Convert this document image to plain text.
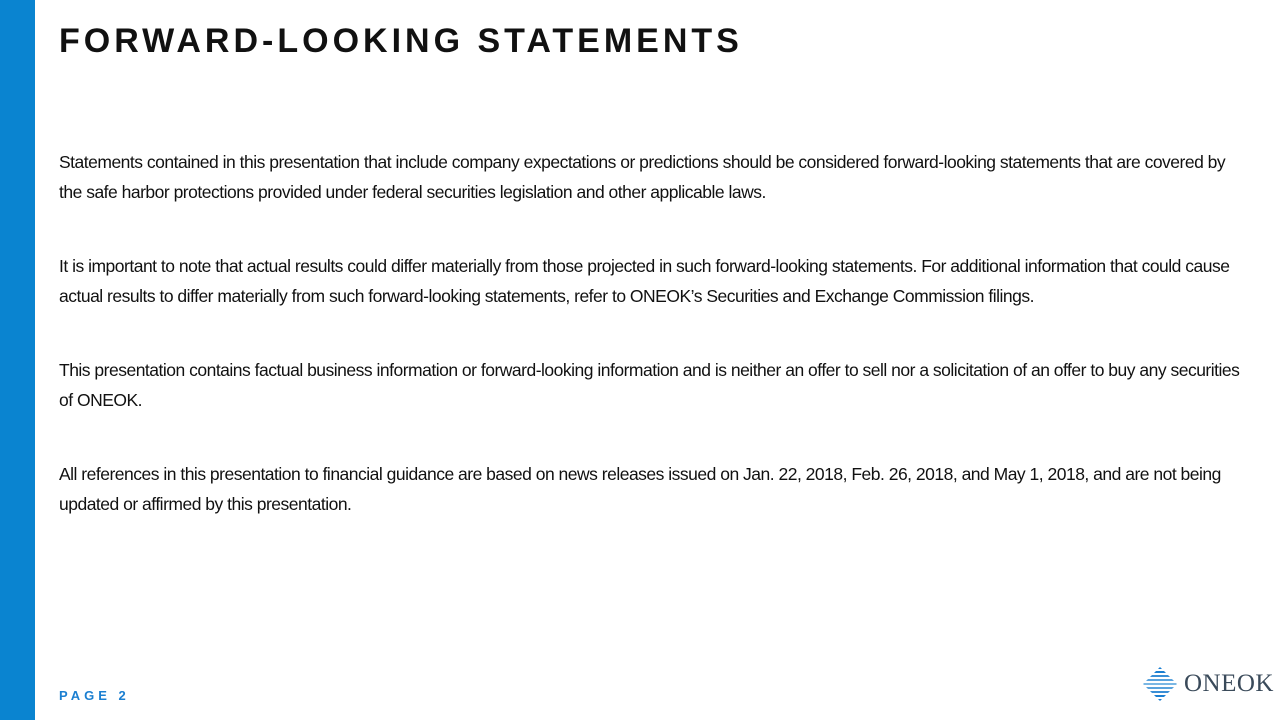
FORWARD-LOOKING STATEMENTS

Statements contained in this presentation that include company expectations or predictions should be considered forward-looking statements that are covered by the safe harbor protections provided under federal securities legislation and other applicable laws.

It is important to note that actual results could differ materially from those projected in such forward-looking statements. For additional information that could cause actual results to differ materially from such forward-looking statements, refer to ONEOK’s Securities and Exchange Commission filings.

This presentation contains factual business information or forward-looking information and is neither an offer to sell nor a solicitation of an offer to buy any securities of ONEOK.

All references in this presentation to financial guidance are based on news releases issued on Jan. 22, 2018, Feb. 26, 2018, and May 1, 2018, and are not being updated or affirmed by this presentation.

PAGE 2	ONEOK
